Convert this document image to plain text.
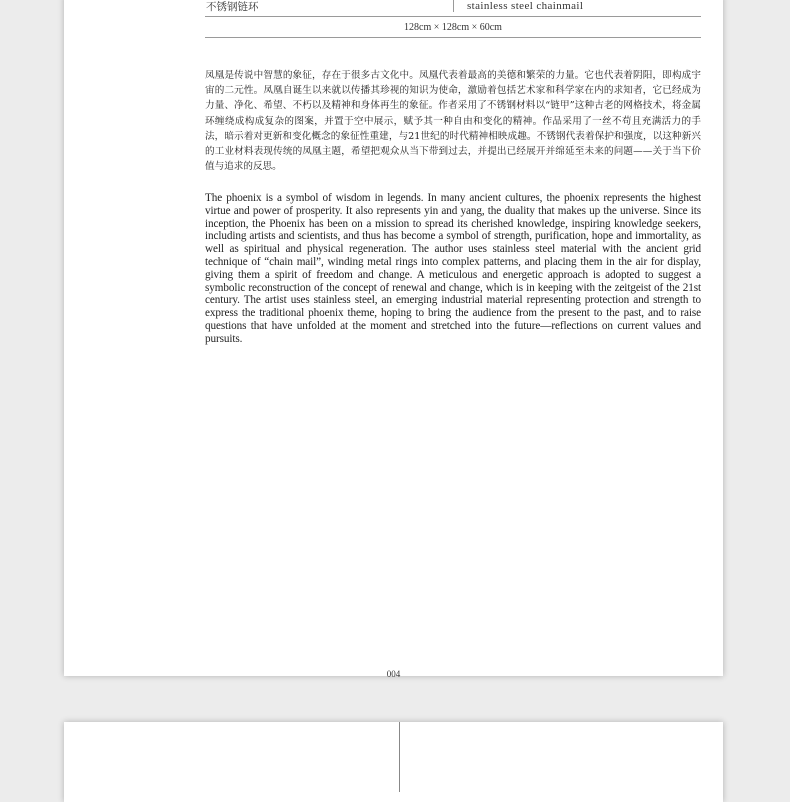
不锈钢链环	stainless steel chainmail
128cm × 128cm × 60cm
凤凰是传说中智慧的象征，存在于很多古文化中。凤凰代表着最高的美德和繁荣的力量。它也代表着阴阳，即构成宇宙的二元性。凤凰自诞生以来就以传播其珍视的知识为使命，激励着包括艺术家和科学家在内的求知者，它已经成为力量、净化、希望、不朽以及精神和身体再生的象征。作者采用了不锈钢材料以“链甲”这种古老的网格技术，将金属环缠绕成构成复杂的图案，并置于空中展示，赋予其一种自由和变化的精神。作品采用了一丝不苟且充满活力的手法，暗示着对更新和变化概念的象征性重建，与21世纪的时代精神相映成趣。不锈钢代表着保护和强度，以这种新兴的工业材料表现传统的凤凰主题，希望把观众从当下带到过去，并提出已经展开并绵延至未来的问题——关于当下价值与追求的反思。
The phoenix is a symbol of wisdom in legends. In many ancient cultures, the phoenix represents the highest virtue and power of prosperity. It also represents yin and yang, the duality that makes up the universe. Since its inception, the Phoenix has been on a mission to spread its cherished knowledge, inspiring knowledge seekers, including artists and scientists, and thus has become a symbol of strength, purification, hope and immortality, as well as spiritual and physical regeneration. The author uses stainless steel material with the ancient grid technique of “chain mail”, winding metal rings into complex patterns, and placing them in the air for display, giving them a spirit of freedom and change. A meticulous and energetic approach is adopted to suggest a symbolic reconstruction of the concept of renewal and change, which is in keeping with the zeitgeist of the 21st century. The artist uses stainless steel, an emerging industrial material representing protection and strength to express the traditional phoenix theme, hoping to bring the audience from the present to the past, and to raise questions that have unfolded at the moment and stretched into the future—reflections on current values and pursuits.
004
